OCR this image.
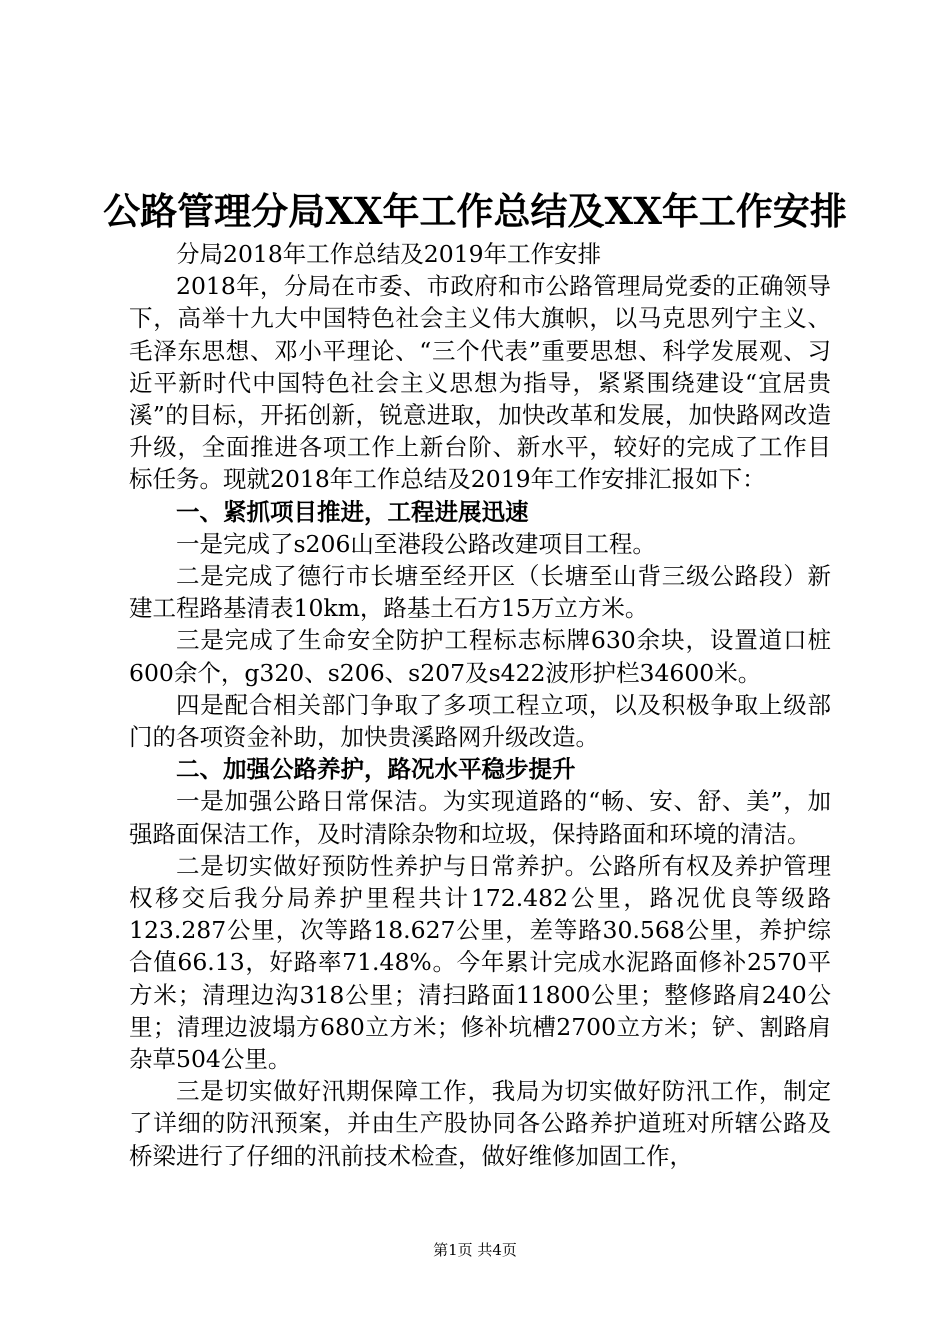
公路管理分局XX年工作总结及XX年工作安排

分局2018年工作总结及2019年工作安排

2018年，分局在市委、市政府和市公路管理局党委的正确领导下，高举十九大中国特色社会主义伟大旗帜，以马克思列宁主义、毛泽东思想、邓小平理论、“三个代表”重要思想、科学发展观、习近平新时代中国特色社会主义思想为指导，紧紧围绕建设“宜居贵溪”的目标，开拓创新，锐意进取，加快改革和发展，加快路网改造升级，全面推进各项工作上新台阶、新水平，较好的完成了工作目标任务。现就2018年工作总结及2019年工作安排汇报如下：

一、紧抓项目推进，工程进展迅速

一是完成了s206山至港段公路改建项目工程。

二是完成了德行市长塘至经开区（长塘至山背三级公路段）新建工程路基清表10km，路基土石方15万立方米。

三是完成了生命安全防护工程标志标牌630余块，设置道口桩600余个，g320、s206、s207及s422波形护栏34600米。

四是配合相关部门争取了多项工程立项，以及积极争取上级部门的各项资金补助，加快贵溪路网升级改造。

二、加强公路养护，路况水平稳步提升

一是加强公路日常保洁。为实现道路的“畅、安、舒、美”，加强路面保洁工作，及时清除杂物和垃圾，保持路面和环境的清洁。

二是切实做好预防性养护与日常养护。公路所有权及养护管理权移交后我分局养护里程共计172.482公里，路况优良等级路123.287公里，次等路18.627公里，差等路30.568公里，养护综合值66.13，好路率71.48%。今年累计完成水泥路面修补2570平方米；清理边沟318公里；清扫路面11800公里；整修路肩240公里；清理边波塌方680立方米；修补坑槽2700立方米；铲、割路肩杂草504公里。

三是切实做好汛期保障工作，我局为切实做好防汛工作，制定了详细的防汛预案，并由生产股协同各公路养护道班对所辖公路及桥梁进行了仔细的汛前技术检查，做好维修加固工作，

第1页 共4页
